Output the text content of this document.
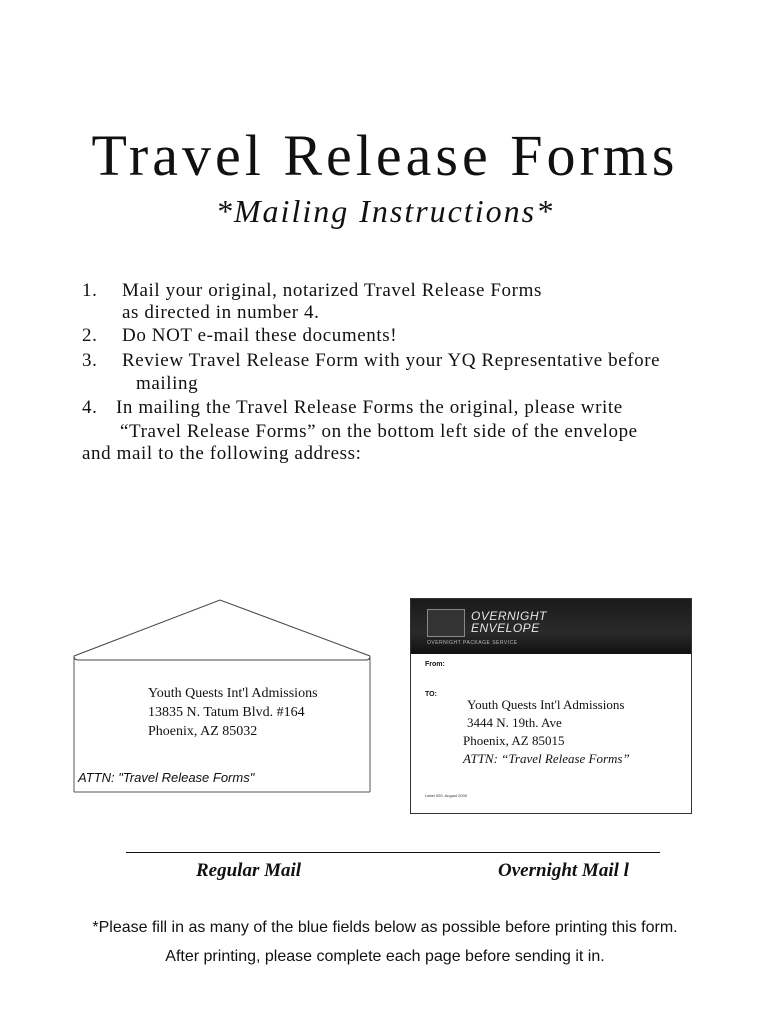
Travel Release Forms
*Mailing Instructions*
1. Mail your original, notarized Travel Release Forms
as directed in number 4.
2. Do NOT e-mail these documents!
3. Review Travel Release Form with your YQ Representative before
mailing
4. In mailing the Travel Release Forms the original, please write
“Travel Release Forms” on the bottom left side of the envelope
and mail to the following address:
Youth Quests Int'l Admissions
13835 N. Tatum Blvd. #164
Phoenix, AZ 85032
ATTN: "Travel Release Forms"
OVERNIGHT
ENVELOPE
OVERNIGHT PACKAGE SERVICE
From:
TO:
Youth Quests Int'l Admissions
3444 N. 19th. Ave
Phoenix, AZ 85015
ATTN: “Travel Release Forms”
Label 000, August 2000
Regular Mail	Overnight Mail l
*Please fill in as many of the blue fields below as possible before printing this form.
After printing, please complete each page before sending it in.
